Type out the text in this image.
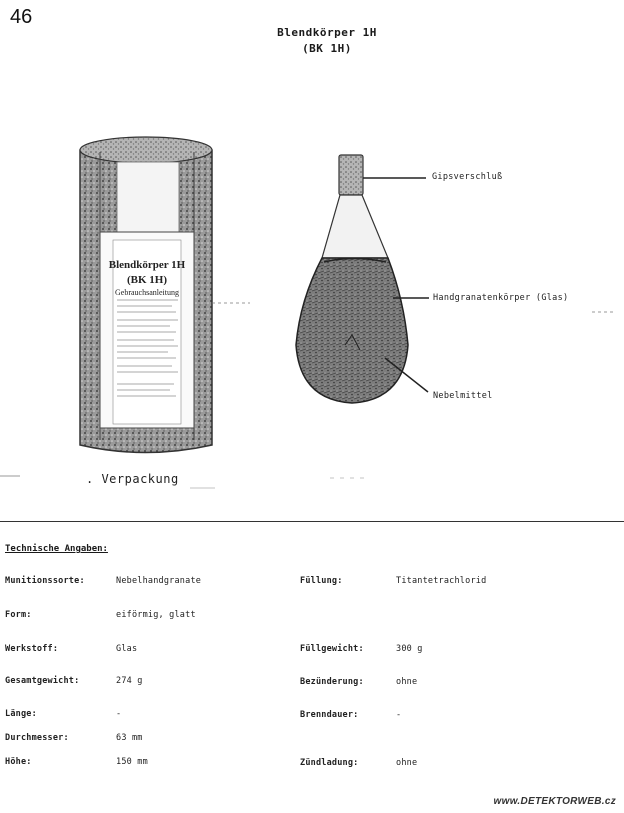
46
Blendkörper 1H
(BK 1H)
Blendkörper 1H
(BK 1H)
Gebrauchsanleitung
Gipsverschluß
Handgranatenkörper (Glas)
Nebelmittel
. Verpackung
Technische Angaben:
Munitionssorte:	Nebelhandgranate
Form:	eiförmig, glatt
Werkstoff:	Glas
Gesamtgewicht:	274 g
Länge:	-
Durchmesser:	63 mm
Höhe:	150 mm
Füllung:	Titantetrachlorid
Füllgewicht:	300 g
Bezünderung:	ohne
Brenndauer:	-
Zündladung:	ohne
www.DETEKTORWEB.cz
